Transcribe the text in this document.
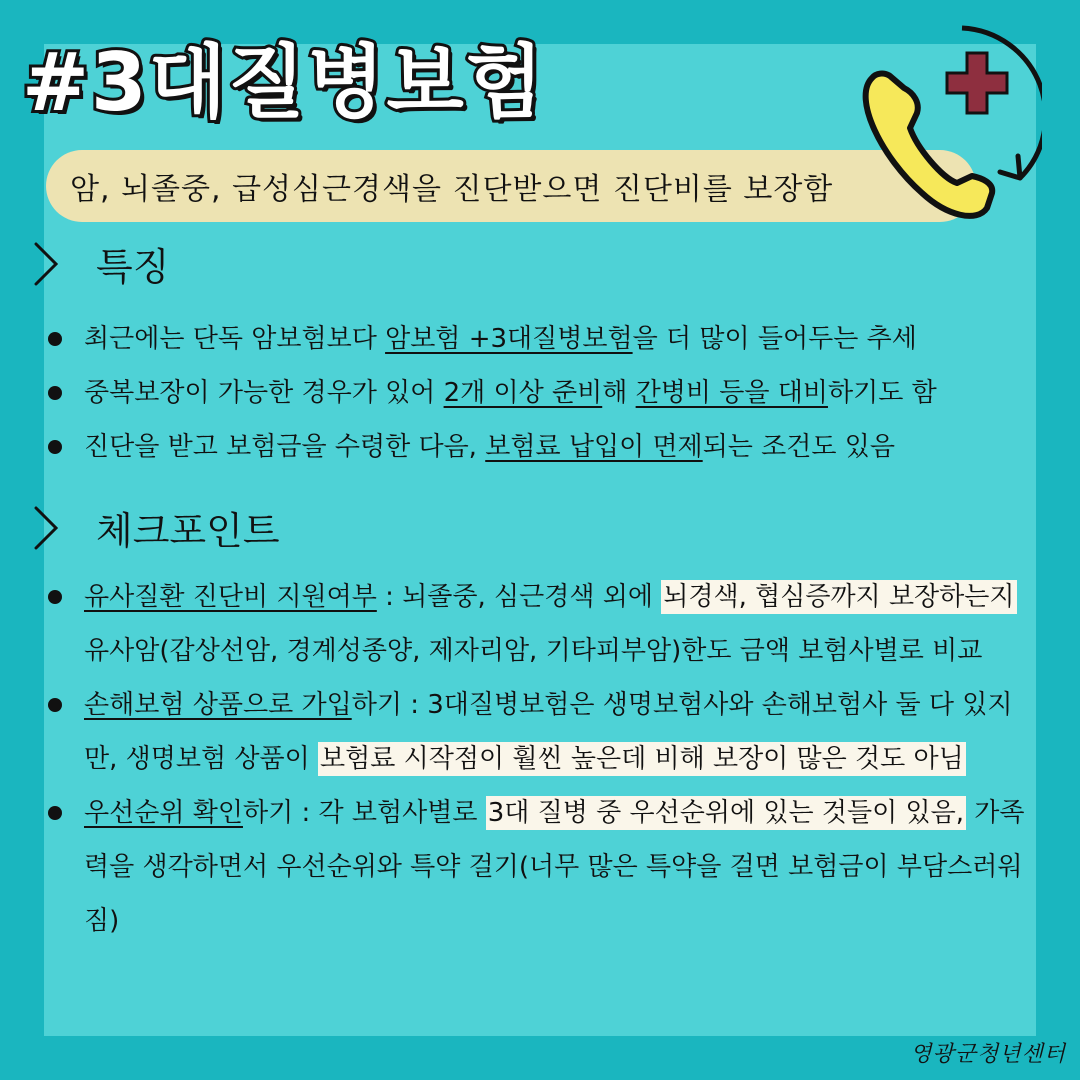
#3대질병보험
암, 뇌졸중, 급성심근경색을 진단받으면 진단비를 보장함
특징
최근에는 단독 암보험보다 암보험 +3대질병보험을 더 많이 들어두는 추세
중복보장이 가능한 경우가 있어 2개 이상 준비해 간병비 등을 대비하기도 함
진단을 받고 보험금을 수령한 다음, 보험료 납입이 면제되는 조건도 있음
체크포인트
유사질환 진단비 지원여부 : 뇌졸중, 심근경색 외에 뇌경색, 협심증까지 보장하는지 유사암(갑상선암, 경계성종양, 제자리암, 기타피부암)한도 금액 보험사별로 비교
손해보험 상품으로 가입하기 : 3대질병보험은 생명보험사와 손해보험사 둘 다 있지만, 생명보험 상품이 보험료 시작점이 훨씬 높은데 비해 보장이 많은 것도 아님
우선순위 확인하기 : 각 보험사별로 3대 질병 중 우선순위에 있는 것들이 있음, 가족력을 생각하면서 우선순위와 특약 걸기(너무 많은 특약을 걸면 보험금이 부담스러워짐)
영광군청년센터
